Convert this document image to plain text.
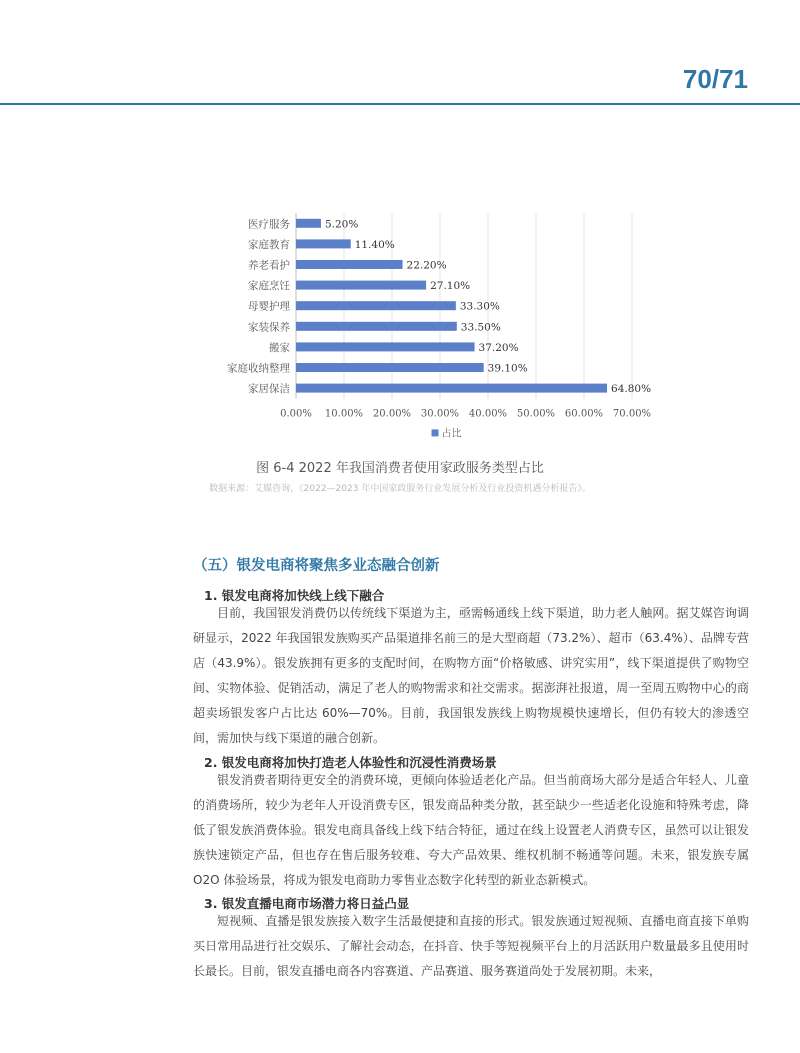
70/71
医疗服务	5.20%
家庭教育	11.40%
养老看护	22.20%
家庭烹饪	27.10%
母婴护理	33.30%
家装保养	33.50%
搬家	37.20%
家庭收纳整理	39.10%
家居保洁	64.80%
0.00% 10.00% 20.00% 30.00% 40.00% 50.00% 60.00% 70.00%
占比
图 6-4 2022 年我国消费者使用家政服务类型占比
数据来源：艾媒咨询，《2022—2023 年中国家政服务行业发展分析及行业投资机遇分析报告》。
（五）银发电商将聚焦多业态融合创新
1. 银发电商将加快线上线下融合

目前，我国银发消费仍以传统线下渠道为主，亟需畅通线上线下渠道，助力老人触网。据艾媒咨询调研显示，2022 年我国银发族购买产品渠道排名前三的是大型商超（73.2%）、超市（63.4%）、品牌专营店（43.9%）。银发族拥有更多的支配时间，在购物方面“价格敏感、讲究实用”，线下渠道提供了购物空间、实物体验、促销活动，满足了老人的购物需求和社交需求。据澎湃社报道，周一至周五购物中心的商超卖场银发客户占比达 60%—70%。目前，我国银发族线上购物规模快速增长，但仍有较大的渗透空间，需加快与线下渠道的融合创新。

2. 银发电商将加快打造老人体验性和沉浸性消费场景

银发消费者期待更安全的消费环境，更倾向体验适老化产品。但当前商场大部分是适合年轻人、儿童的消费场所，较少为老年人开设消费专区，银发商品种类分散，甚至缺少一些适老化设施和特殊考虑，降低了银发族消费体验。银发电商具备线上线下结合特征，通过在线上设置老人消费专区，虽然可以让银发族快速锁定产品，但也存在售后服务较难、夸大产品效果、维权机制不畅通等问题。未来，银发族专属 O2O 体验场景，将成为银发电商助力零售业态数字化转型的新业态新模式。

3. 银发直播电商市场潜力将日益凸显

短视频、直播是银发族接入数字生活最便捷和直接的形式。银发族通过短视频、直播电商直接下单购买日常用品进行社交娱乐、了解社会动态，在抖音、快手等短视频平台上的月活跃用户数量最多且使用时长最长。目前，银发直播电商各内容赛道、产品赛道、服务赛道尚处于发展初期。未来，
